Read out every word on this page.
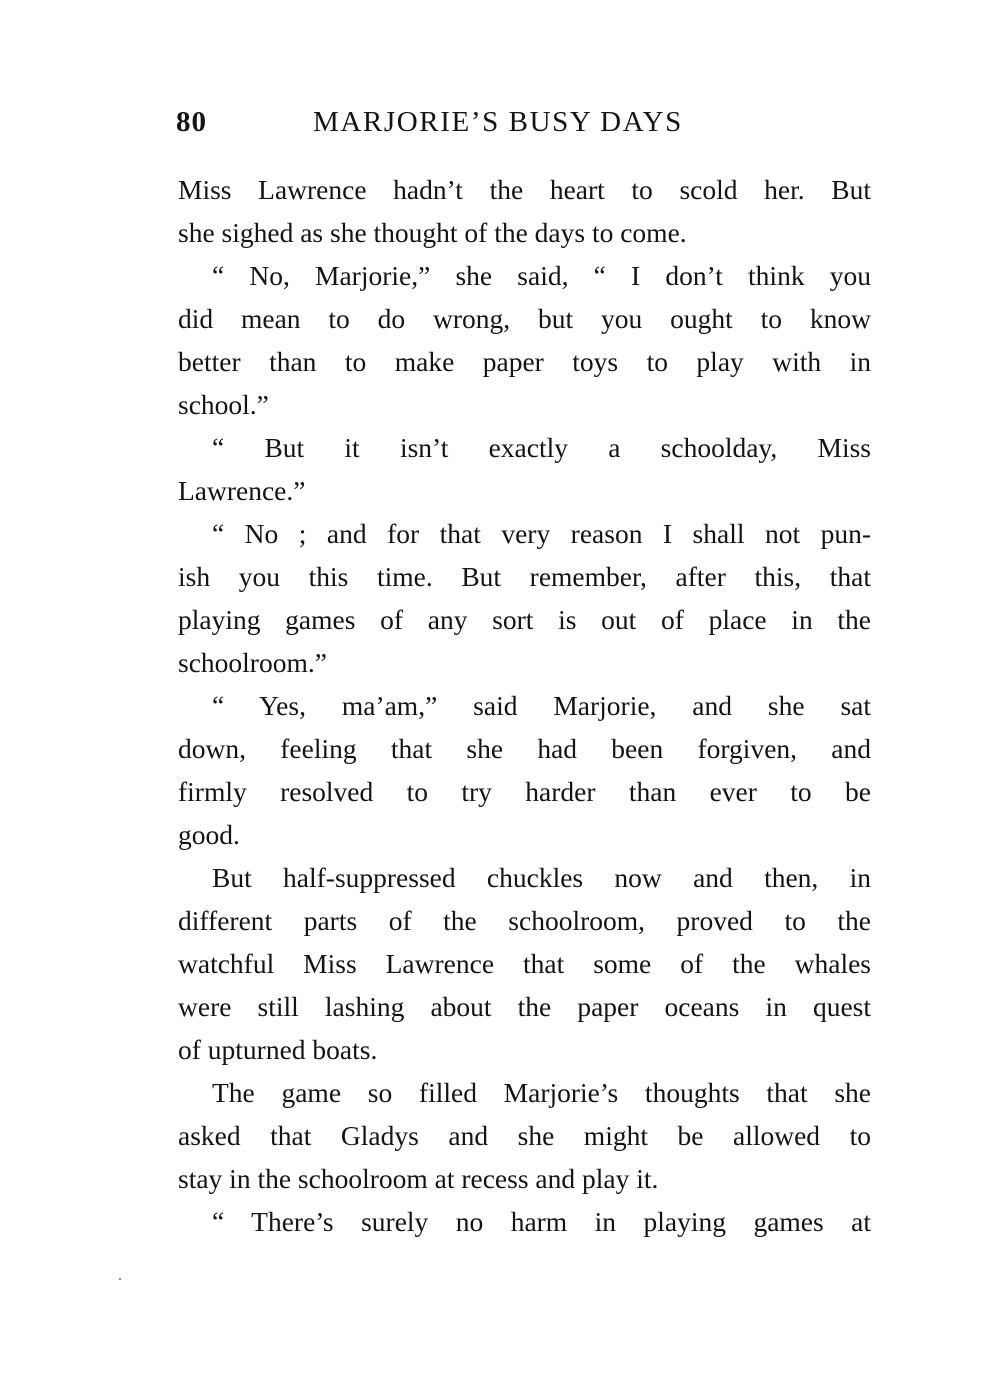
80	MARJORIE’S BUSY DAYS
Miss Lawrence hadn’t the heart to scold her. But
she sighed as she thought of the days to come.
“ No, Marjorie,” she said, “ I don’t think you
did mean to do wrong, but you ought to know
better than to make paper toys to play with in
school.”
“ But it isn’t exactly a schoolday, Miss
Lawrence.”
“ No ; and for that very reason I shall not pun-
ish you this time. But remember, after this, that
playing games of any sort is out of place in the
schoolroom.”
“ Yes, ma’am,” said Marjorie, and she sat
down, feeling that she had been forgiven, and
firmly resolved to try harder than ever to be
good.
But half-suppressed chuckles now and then, in
different parts of the schoolroom, proved to the
watchful Miss Lawrence that some of the whales
were still lashing about the paper oceans in quest
of upturned boats.
The game so filled Marjorie’s thoughts that she
asked that Gladys and she might be allowed to
stay in the schoolroom at recess and play it.
“ There’s surely no harm in playing games at
